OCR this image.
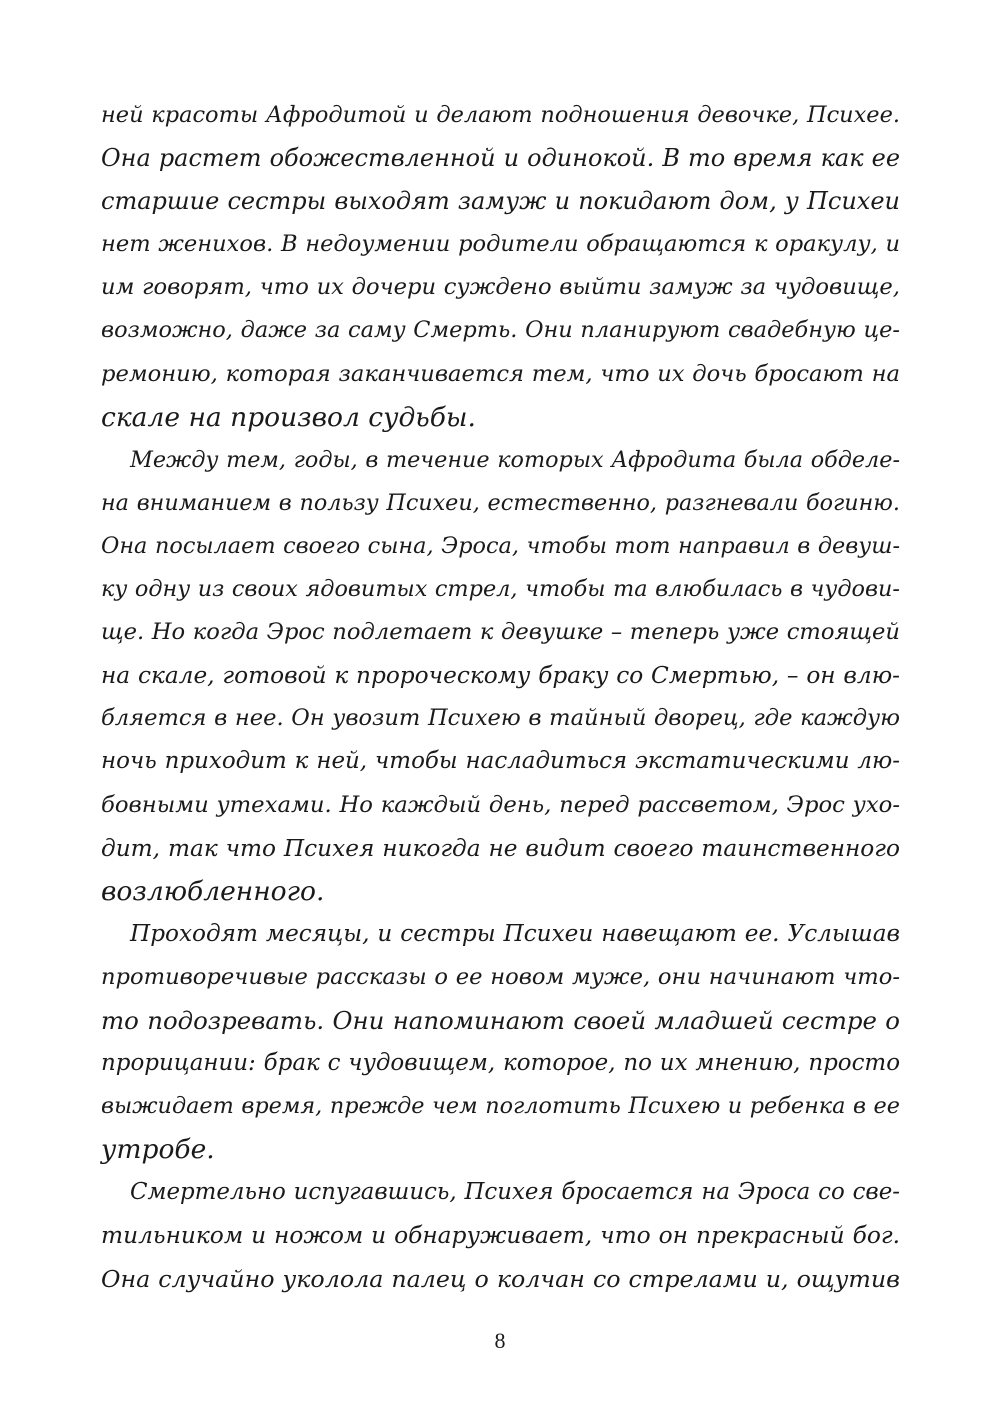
ней красоты Афродитой и делают подношения девочке, Психее.
Она растет обожествленной и одинокой. В то время как ее
старшие сестры выходят замуж и покидают дом, у Психеи
нет женихов. В недоумении родители обращаются к оракулу, и
им говорят, что их дочери суждено выйти замуж за чудовище,
возможно, даже за саму Смерть. Они планируют свадебную це-
ремонию, которая заканчивается тем, что их дочь бросают на
скале на произвол судьбы.
Между тем, годы, в течение которых Афродита была обделе-
на вниманием в пользу Психеи, естественно, разгневали богиню.
Она посылает своего сына, Эроса, чтобы тот направил в девуш-
ку одну из своих ядовитых стрел, чтобы та влюбилась в чудови-
ще. Но когда Эрос подлетает к девушке – теперь уже стоящей
на скале, готовой к пророческому браку со Смертью, – он влю-
бляется в нее. Он увозит Психею в тайный дворец, где каждую
ночь приходит к ней, чтобы насладиться экстатическими лю-
бовными утехами. Но каждый день, перед рассветом, Эрос ухо-
дит, так что Психея никогда не видит своего таинственного
возлюбленного.
Проходят месяцы, и сестры Психеи навещают ее. Услышав
противоречивые рассказы о ее новом муже, они начинают что-
то подозревать. Они напоминают своей младшей сестре о
прорицании: брак с чудовищем, которое, по их мнению, просто
выжидает время, прежде чем поглотить Психею и ребенка в ее
утробе.
Смертельно испугавшись, Психея бросается на Эроса со све-
тильником и ножом и обнаруживает, что он прекрасный бог.
Она случайно уколола палец о колчан со стрелами и, ощутив
8
